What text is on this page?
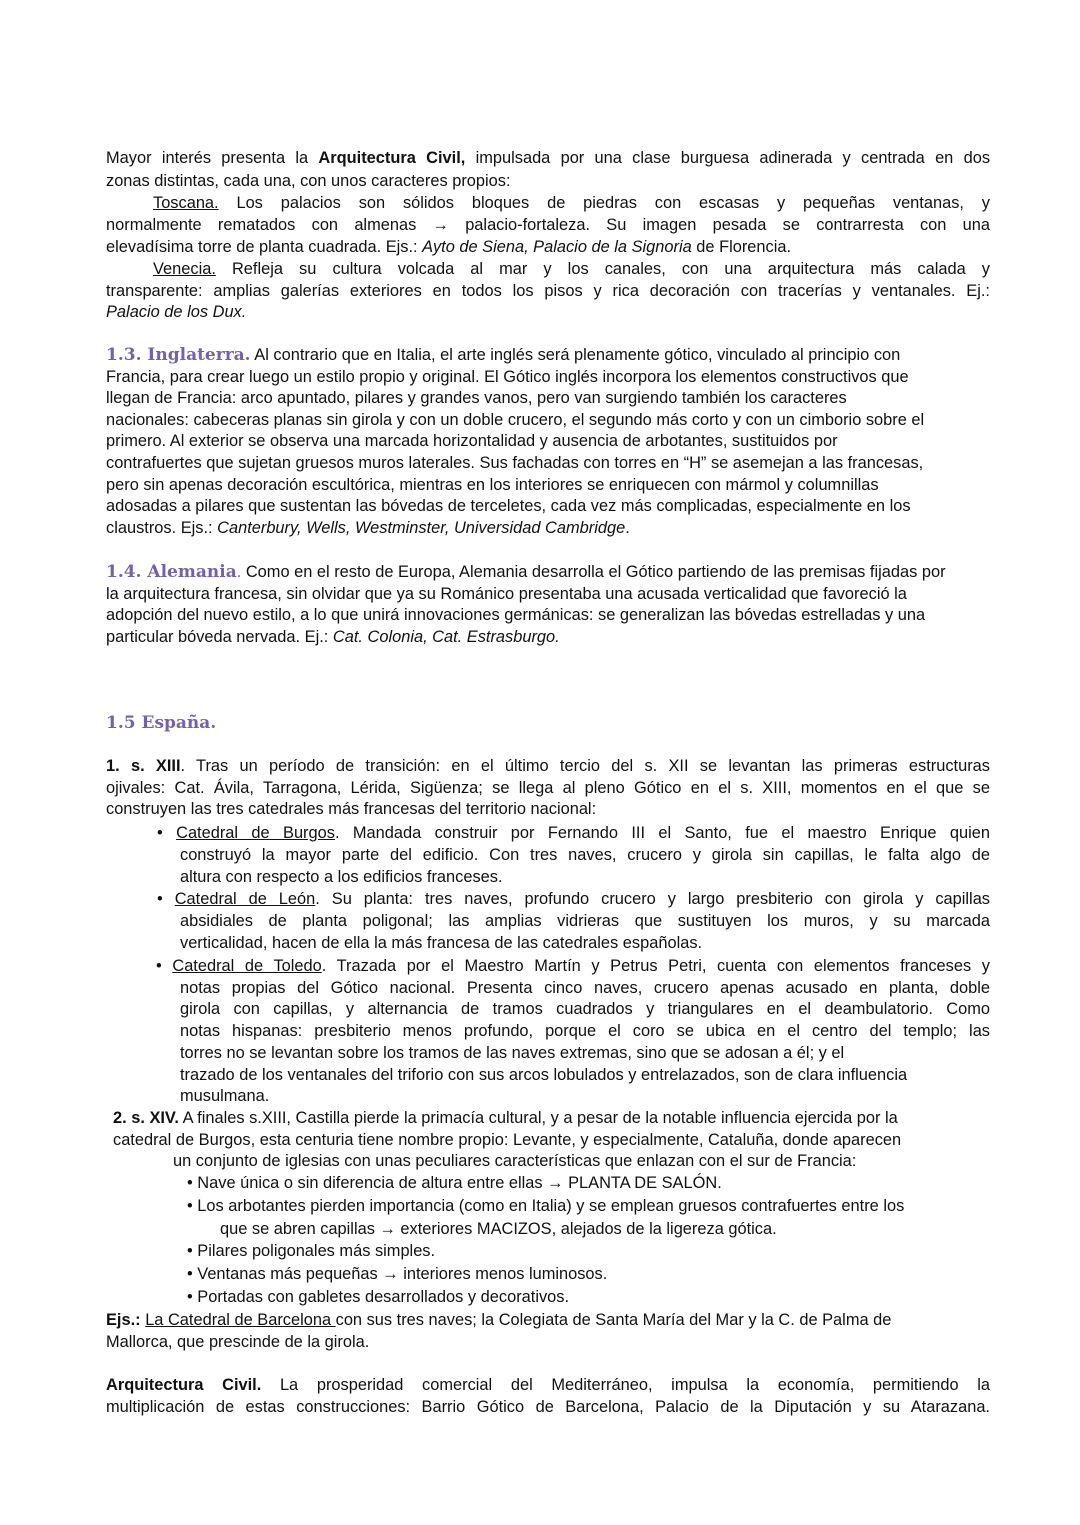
Mayor interés presenta la Arquitectura Civil, impulsada por una clase burguesa adinerada y centrada en dos
zonas distintas, cada una, con unos caracteres propios:
Toscana. Los palacios son sólidos bloques de piedras con escasas y pequeñas ventanas, y
normalmente rematados con almenas → palacio-fortaleza. Su imagen pesada se contrarresta con una
elevadísima torre de planta cuadrada. Ejs.: Ayto de Siena, Palacio de la Signoria de Florencia.
Venecia. Refleja su cultura volcada al mar y los canales, con una arquitectura más calada y
transparente: amplias galerías exteriores en todos los pisos y rica decoración con tracerías y ventanales. Ej.:
Palacio de los Dux.
1.3. Inglaterra. Al contrario que en Italia, el arte inglés será plenamente gótico, vinculado al principio con
Francia, para crear luego un estilo propio y original. El Gótico inglés incorpora los elementos constructivos que
llegan de Francia: arco apuntado, pilares y grandes vanos, pero van surgiendo también los caracteres
nacionales: cabeceras planas sin girola y con un doble crucero, el segundo más corto y con un cimborio sobre el
primero. Al exterior se observa una marcada horizontalidad y ausencia de arbotantes, sustituidos por
contrafuertes que sujetan gruesos muros laterales. Sus fachadas con torres en “H” se asemejan a las francesas,
pero sin apenas decoración escultórica, mientras en los interiores se enriquecen con mármol y columnillas
adosadas a pilares que sustentan las bóvedas de terceletes, cada vez más complicadas, especialmente en los
claustros. Ejs.: Canterbury, Wells, Westminster, Universidad Cambridge.
1.4. Alemania. Como en el resto de Europa, Alemania desarrolla el Gótico partiendo de las premisas fijadas por
la arquitectura francesa, sin olvidar que ya su Románico presentaba una acusada verticalidad que favoreció la
adopción del nuevo estilo, a lo que unirá innovaciones germánicas: se generalizan las bóvedas estrelladas y una
particular bóveda nervada. Ej.: Cat. Colonia, Cat. Estrasburgo.
1.5 España.
1. s. XIII. Tras un período de transición: en el último tercio del s. XII se levantan las primeras estructuras
ojivales: Cat. Ávila, Tarragona, Lérida, Sigüenza; se llega al pleno Gótico en el s. XIII, momentos en el que se
construyen las tres catedrales más francesas del territorio nacional:
• Catedral de Burgos. Mandada construir por Fernando III el Santo, fue el maestro Enrique quien
construyó la mayor parte del edificio. Con tres naves, crucero y girola sin capillas, le falta algo de
altura con respecto a los edificios franceses.
• Catedral de León. Su planta: tres naves, profundo crucero y largo presbiterio con girola y capillas
absidiales de planta poligonal; las amplias vidrieras que sustituyen los muros, y su marcada
verticalidad, hacen de ella la más francesa de las catedrales españolas.
• Catedral de Toledo. Trazada por el Maestro Martín y Petrus Petri, cuenta con elementos franceses y
notas propias del Gótico nacional. Presenta cinco naves, crucero apenas acusado en planta, doble
girola con capillas, y alternancia de tramos cuadrados y triangulares en el deambulatorio. Como
notas hispanas: presbiterio menos profundo, porque el coro se ubica en el centro del templo; las
torres no se levantan sobre los tramos de las naves extremas, sino que se adosan a él; y el
trazado de los ventanales del triforio con sus arcos lobulados y entrelazados, son de clara influencia
musulmana.
2. s. XIV. A finales s.XIII, Castilla pierde la primacía cultural, y a pesar de la notable influencia ejercida por la
catedral de Burgos, esta centuria tiene nombre propio: Levante, y especialmente, Cataluña, donde aparecen
un conjunto de iglesias con unas peculiares características que enlazan con el sur de Francia:
• Nave única o sin diferencia de altura entre ellas → PLANTA DE SALÓN.
• Los arbotantes pierden importancia (como en Italia) y se emplean gruesos contrafuertes entre los
que se abren capillas → exteriores MACIZOS, alejados de la ligereza gótica.
• Pilares poligonales más simples.
• Ventanas más pequeñas → interiores menos luminosos.
• Portadas con gabletes desarrollados y decorativos.
Ejs.: La Catedral de Barcelona con sus tres naves; la Colegiata de Santa María del Mar y la C. de Palma de
Mallorca, que prescinde de la girola.
Arquitectura Civil. La prosperidad comercial del Mediterráneo, impulsa la economía, permitiendo la
multiplicación de estas construcciones: Barrio Gótico de Barcelona, Palacio de la Diputación y su Atarazana.
